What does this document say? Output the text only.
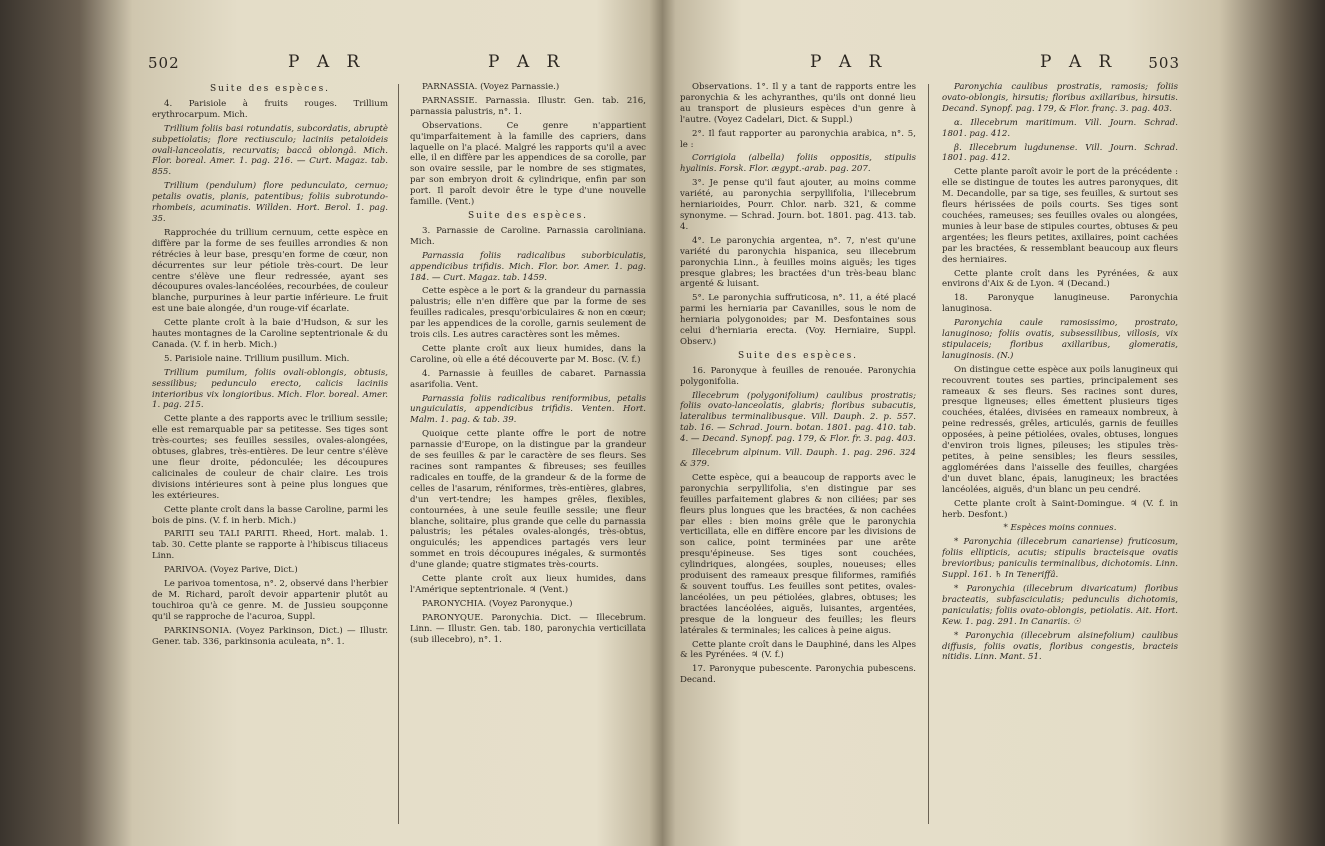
502	P A R	P A R

Suite des espèces.

4. Parisiole à fruits rouges. Trillium erythrocarpum. Mich.

Trillium foliis basi rotundatis, subcordatis, abruptè subpetiolatis; flore rectiusculo; laciniis petaloideis ovali-lanceolatis, recurvatis; baccâ oblongâ. Mich. Flor. boreal. Amer. 1. pag. 216. — Curt. Magaz. tab. 855.

Trillium (pendulum) flore pedunculato, cernuo; petalis ovatis, planis, patentibus; foliis subrotundo-rhombeis, acuminatis. Willden. Hort. Berol. 1. pag. 35.

Rapprochée du trillium cernuum, cette espèce en diffère par la forme de ses feuilles arrondies & non rétrécies à leur base, presqu'en forme de cœur, non décurrentes sur leur pétiole très-court. De leur centre s'élève une fleur redressée, ayant ses découpures ovales-lancéolées, recourbées, de couleur blanche, purpurines à leur partie inférieure. Le fruit est une baie alongée, d'un rouge-vif écarlate.

Cette plante croît à la baie d'Hudson, & sur les hautes montagnes de la Caroline septentrionale & du Canada. (V. f. in herb. Mich.)

5. Parisiole naine. Trillium pusillum. Mich.

Trillium pumilum, foliis ovali-oblongis, obtusis, sessilibus; pedunculo erecto, calicis laciniis interioribus vix longioribus. Mich. Flor. boreal. Amer. 1. pag. 215.

Cette plante a des rapports avec le trillium sessile; elle est remarquable par sa petitesse. Ses tiges sont très-courtes; ses feuilles sessiles, ovales-alongées, obtuses, glabres, très-entières. De leur centre s'élève une fleur droite, pédonculée; les découpures calicinales de couleur de chair claire. Les trois divisions intérieures sont à peine plus longues que les extérieures.

Cette plante croît dans la basse Caroline, parmi les bois de pins. (V. f. in herb. Mich.)

PARITI seu TALI PARITI. Rheed, Hort. malab. 1. tab. 30. Cette plante se rapporte à l'hibiscus tiliaceus Linn.

PARIVOA. (Voyez Parive, Dict.)

Le parivoa tomentosa, n°. 2, observé dans l'herbier de M. Richard, paroît devoir appartenir plutôt au touchiroa qu'à ce genre. M. de Jussieu soupçonne qu'il se rapproche de l'acuroa, Suppl.

PARKINSONIA. (Voyez Parkinson, Dict.) — Illustr. Gener. tab. 336, parkinsonia aculeata, n°. 1.

PARNASSIA. (Voyez Parnassie.)

PARNASSIE. Parnassia. Illustr. Gen. tab. 216, parnassia palustris, n°. 1.

Observations. Ce genre n'appartient qu'imparfaitement à la famille des capriers, dans laquelle on l'a placé. Malgré les rapports qu'il a avec elle, il en diffère par les appendices de sa corolle, par son ovaire sessile, par le nombre de ses stigmates, par son embryon droit & cylindrique, enfin par son port. Il paroît devoir être le type d'une nouvelle famille. (Vent.)

Suite des espèces.

3. Parnassie de Caroline. Parnassia caroliniana. Mich.

Parnassia foliis radicalibus suborbiculatis, appendicibus trifidis. Mich. Flor. bor. Amer. 1. pag. 184. — Curt. Magaz. tab. 1459.

Cette espèce a le port & la grandeur du parnassia palustris; elle n'en diffère que par la forme de ses feuilles radicales, presqu'orbiculaires & non en cœur; par les appendices de la corolle, garnis seulement de trois cils. Les autres caractères sont les mêmes.

Cette plante croît aux lieux humides, dans la Caroline, où elle a été découverte par M. Bosc. (V. f.)

4. Parnassie à feuilles de cabaret. Parnassia asarifolia. Vent.

Parnassia foliis radicalibus reniformibus, petalis unguiculatis, appendicibus trifidis. Venten. Hort. Malm. 1. pag. & tab. 39.

Quoique cette plante offre le port de notre parnassie d'Europe, on la distingue par la grandeur de ses feuilles & par le caractère de ses fleurs. Ses racines sont rampantes & fibreuses; ses feuilles radicales en touffe, de la grandeur & de la forme de celles de l'asarum, réniformes, très-entières, glabres, d'un vert-tendre; les hampes grêles, flexibles, contournées, à une seule feuille sessile; une fleur blanche, solitaire, plus grande que celle du parnassia palustris; les pétales ovales-alongés, très-obtus, onguiculés; les appendices partagés vers leur sommet en trois découpures inégales, & surmontés d'une glande; quatre stigmates très-courts.

Cette plante croît aux lieux humides, dans l'Amérique septentrionale. ♃ (Vent.)

PARONYCHIA. (Voyez Paronyque.)

PARONYQUE. Paronychia. Dict. — Illecebrum. Linn. — Illustr. Gen. tab. 180, paronychia verticillata (sub illecebro), n°. 1.

P A R	P A R 503

Observations. 1°. Il y a tant de rapports entre les paronychia & les achyranthes, qu'ils ont donné lieu au transport de plusieurs espèces d'un genre à l'autre. (Voyez Cadelari, Dict. & Suppl.)

2°. Il faut rapporter au paronychia arabica, n°. 5, le :

Corrigiola (albella) foliis oppositis, stipulis hyalinis. Forsk. Flor. ægypt.-arab. pag. 207.

3°. Je pense qu'il faut ajouter, au moins comme variété, au paronychia serpyllifolia, l'illecebrum herniarioides, Pourr. Chlor. narb. 321, & comme synonyme. — Schrad. Journ. bot. 1801. pag. 413. tab. 4.

4°. Le paronychia argentea, n°. 7, n'est qu'une variété du paronychia hispanica, seu illecebrum paronychia Linn., à feuilles moins aiguës; les tiges presque glabres; les bractées d'un très-beau blanc argenté & luisant.

5°. Le paronychia suffruticosa, n°. 11, a été placé parmi les herniaria par Cavanilles, sous le nom de herniaria polygonoides; par M. Desfontaines sous celui d'herniaria erecta. (Voy. Herniaire, Suppl. Observ.)

Suite des espèces.

16. Paronyque à feuilles de renouée. Paronychia polygonifolia.

Illecebrum (polygonifolium) caulibus prostratis; foliis ovato-lanceolatis, glabris; floribus subacutis, lateralibus terminalibusque. Vill. Dauph. 2. p. 557. tab. 16. — Schrad. Journ. botan. 1801. pag. 410. tab. 4. — Decand. Synopf. pag. 179, & Flor. fr. 3. pag. 403.

Illecebrum alpinum. Vill. Dauph. 1. pag. 296. 324 & 379.

Cette espèce, qui a beaucoup de rapports avec le paronychia serpyllifolia, s'en distingue par ses feuilles parfaitement glabres & non ciliées; par ses fleurs plus longues que les bractées, & non cachées par elles : bien moins grêle que le paronychia verticillata, elle en diffère encore par les divisions de son calice, point terminées par une arête presqu'épineuse. Ses tiges sont couchées, cylindriques, alongées, souples, noueuses; elles produisent des rameaux presque filiformes, ramifiés & souvent touffus. Les feuilles sont petites, ovales-lancéolées, un peu pétiolées, glabres, obtuses; les bractées lancéolées, aiguës, luisantes, argentées, presque de la longueur des feuilles; les fleurs latérales & terminales; les calices à peine aigus.

Cette plante croît dans le Dauphiné, dans les Alpes & les Pyrénées. ♃ (V. f.)

17. Paronyque pubescente. Paronychia pubescens. Decand.

Paronychia caulibus prostratis, ramosis; foliis ovato-oblongis, hirsutis; floribus axillaribus, hirsutis. Decand. Synopf. pag. 179, & Flor. franç. 3. pag. 403.

α. Illecebrum maritimum. Vill. Journ. Schrad. 1801. pag. 412.

β. Illecebrum lugdunense. Vill. Journ. Schrad. 1801. pag. 412.

Cette plante paroît avoir le port de la précédente : elle se distingue de toutes les autres paronyques, dit M. Decandolle, par sa tige, ses feuilles, & surtout ses fleurs hérissées de poils courts. Ses tiges sont couchées, rameuses; ses feuilles ovales ou alongées, munies à leur base de stipules courtes, obtuses & peu argentées; les fleurs petites, axillaires, point cachées par les bractées, & ressemblant beaucoup aux fleurs des herniaires.

Cette plante croît dans les Pyrénées, & aux environs d'Aix & de Lyon. ♃ (Decand.)

18. Paronyque lanugineuse. Paronychia lanuginosa.

Paronychia caule ramosissimo, prostrato, lanuginoso; foliis ovatis, subsessilibus, villosis, vix stipulaceis; floribus axillaribus, glomeratis, lanuginosis. (N.)

On distingue cette espèce aux poils lanugineux qui recouvrent toutes ses parties, principalement ses rameaux & ses fleurs. Ses racines sont dures, presque ligneuses; elles émettent plusieurs tiges couchées, étalées, divisées en rameaux nombreux, à peine redressés, grêles, articulés, garnis de feuilles opposées, à peine pétiolées, ovales, obtuses, longues d'environ trois lignes, pileuses; les stipules très-petites, à peine sensibles; les fleurs sessiles, agglomérées dans l'aisselle des feuilles, chargées d'un duvet blanc, épais, lanugineux; les bractées lancéolées, aiguës, d'un blanc un peu cendré.

Cette plante croît à Saint-Domingue. ♃ (V. f. in herb. Desfont.)

* Espèces moins connues.

* Paronychia (illecebrum canariense) fruticosum, foliis ellipticis, acutis; stipulis bracteisque ovatis brevioribus; paniculis terminalibus, dichotomis. Linn. Suppl. 161. ♄ In Teneriffâ.

* Paronychia (illecebrum divaricatum) floribus bracteatis, subfasciculatis; pedunculis dichotomis, paniculatis; foliis ovato-oblongis, petiolatis. Ait. Hort. Kew. 1. pag. 291. In Canariis. ☉

* Paronychia (illecebrum alsinefolium) caulibus diffusis, foliis ovatis, floribus congestis, bracteis nitidis. Linn. Mant. 51.
